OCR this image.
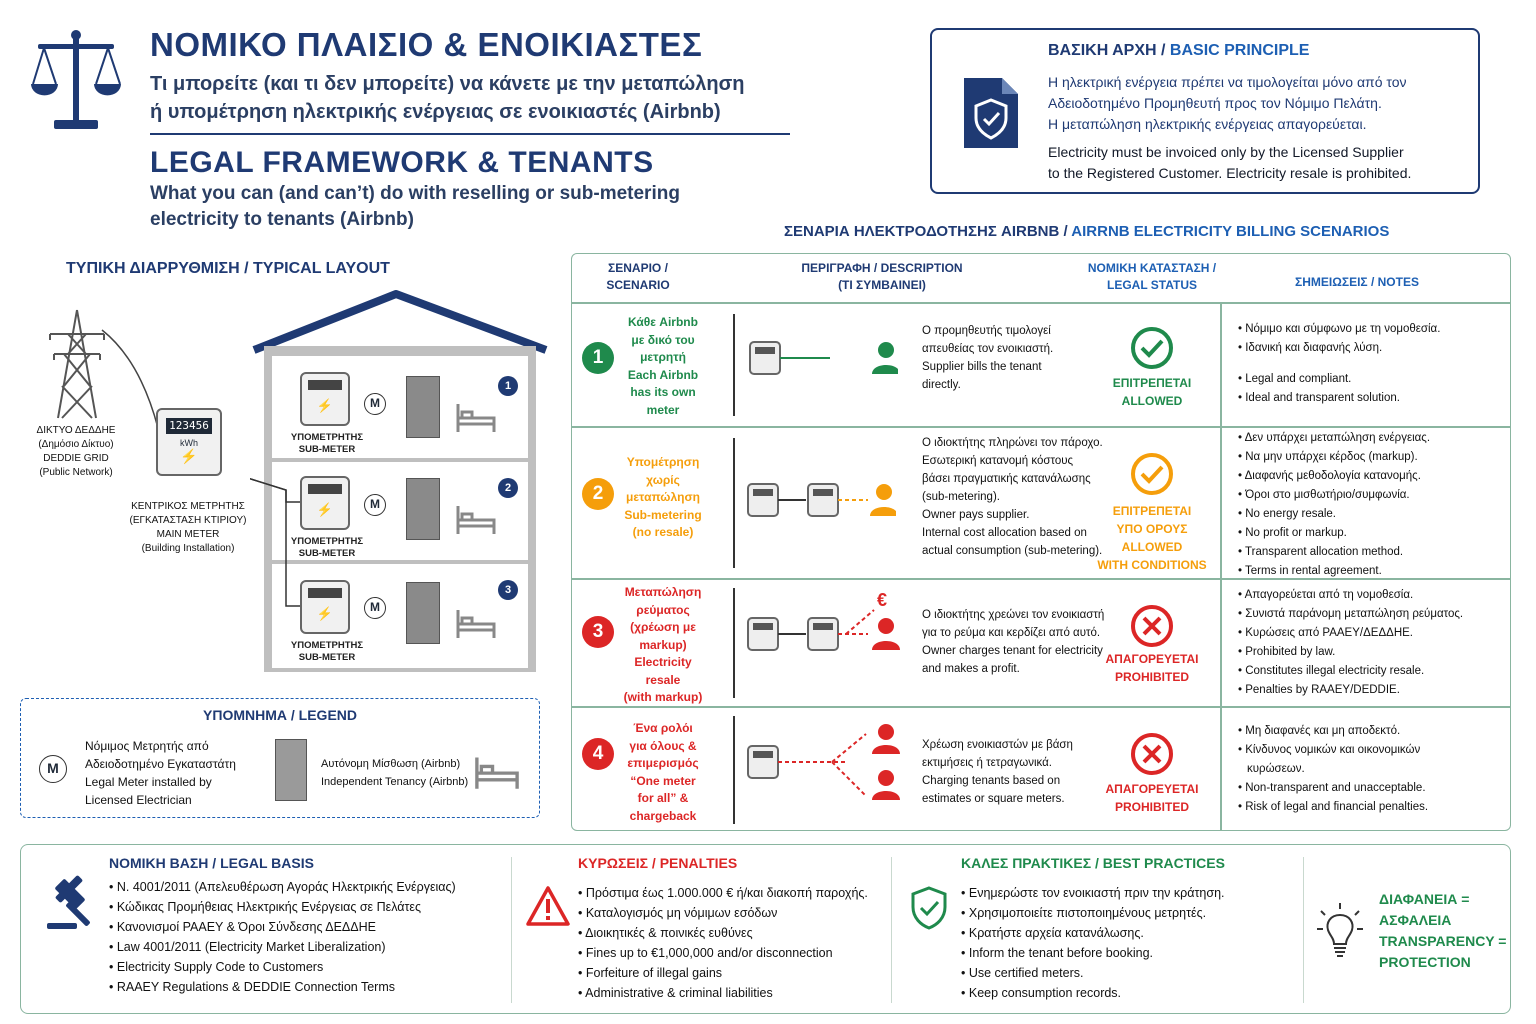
ΝΟΜΙΚΟ ΠΛΑΙΣΙΟ & ΕΝΟΙΚΙΑΣΤΕΣ
Τι μπορείτε (και τι δεν μπορείτε) να κάνετε με την μεταπώληση
ή υπομέτρηση ηλεκτρικής ενέργειας σε ενοικιαστές (Airbnb)
LEGAL FRAMEWORK & TENANTS
What you can (and can’t) do with reselling or sub-metering
electricity to tenants (Airbnb)
ΒΑΣΙΚΗ ΑΡΧΗ / BASIC PRINCIPLE
Η ηλεκτρική ενέργεια πρέπει να τιμολογείται μόνο από τον
Αδειοδοτημένο Προμηθευτή προς τον Νόμιμο Πελάτη.
Η μεταπώληση ηλεκτρικής ενέργειας απαγορεύεται.
Electricity must be invoiced only by the Licensed Supplier
to the Registered Customer. Electricity resale is prohibited.
ΤΥΠΙΚΗ ΔΙΑΡΡΥΘΜΙΣΗ / TYPICAL LAYOUT
ΔΙΚΤΥΟ ΔΕΔΔΗΕ
(Δημόσιο Δίκτυο)
DEDDIE GRID
(Public Network)
123456
kWh
⚡
ΚΕΝΤΡΙΚΟΣ ΜΕΤΡΗΤΗΣ
(ΕΓΚΑΤΑΣΤΑΣΗ ΚΤΙΡΙΟΥ)
MAIN METER
(Building Installation)
⚡
ΥΠΟΜΕΤΡΗΤΗΣ
SUB-METER
⚡
ΥΠΟΜΕΤΡΗΤΗΣ
SUB-METER
⚡
ΥΠΟΜΕΤΡΗΤΗΣ
SUB-METER
M
M
M
1
2
3
ΥΠΟΜΝΗΜΑ / LEGEND
M
Νόμιμος Μετρητής από
Αδειοδοτημένο Εγκαταστάτη
Legal Meter installed by
Licensed Electrician
Αυτόνομη Μίσθωση (Airbnb)
Independent Tenancy (Airbnb)
ΣΕΝΑΡΙΑ ΗΛΕΚΤΡΟΔΟΤΗΣΗΣ AIRBNB / AIRRNB ELECTRICITY BILLING SCENARIOS
ΣΕΝΑΡΙΟ /
SCENARIO
ΠΕΡΙΓΡΑΦΗ / DESCRIPTION
(ΤΙ ΣΥΜΒΑΙΝΕΙ)
ΝΟΜΙΚΗ ΚΑΤΑΣΤΑΣΗ /
LEGAL STATUS	ΣΗΜΕΙΩΣΕΙΣ / NOTES
1
Κάθε Airbnb
με δικό του
μετρητή
Each Airbnb
has its own
meter
Ο προμηθευτής τιμολογεί
απευθείας τον ενοικιαστή.
Supplier bills the tenant
directly.	ΕΠΙΤΡΕΠΕΤΑΙ
ALLOWED
• Νόμιμο και σύμφωνο με τη νομοθεσία.
• Ιδανική και διαφανής λύση.
• Legal and compliant.
• Ideal and transparent solution.
2
Υπομέτρηση
χωρίς
μεταπώληση
Sub-metering
(no resale)
Ο ιδιοκτήτης πληρώνει τον πάροχο.
Εσωτερική κατανομή κόστους
βάσει πραγματικής κατανάλωσης
(sub-metering).
Owner pays supplier.
Internal cost allocation based on
actual consumption (sub-metering).
ΕΠΙΤΡΕΠΕΤΑΙ
ΥΠΟ ΟΡΟΥΣ
ALLOWED
WITH CONDITIONS
• Δεν υπάρχει μεταπώληση ενέργειας.
• Να μην υπάρχει κέρδος (markup).
• Διαφανής μεθοδολογία κατανομής.
• Όροι στο μισθωτήριο/συμφωνία.
• No energy resale.
• No profit or markup.
• Transparent allocation method.
• Terms in rental agreement.
3
Μεταπώληση
ρεύματος
(χρέωση με
markup)
Electricity
resale
(with markup)
€
Ο ιδιοκτήτης χρεώνει τον ενοικιαστή
για το ρεύμα και κερδίζει από αυτό.
Owner charges tenant for electricity
and makes a profit.
ΑΠΑΓΟΡΕΥΕΤΑΙ
PROHIBITED
• Απαγορεύεται από τη νομοθεσία.
• Συνιστά παράνομη μεταπώληση ρεύματος.
• Κυρώσεις από ΡΑΑΕΥ/ΔΕΔΔΗΕ.
• Prohibited by law.
• Constitutes illegal electricity resale.
• Penalties by RAAEY/DEDDIE.
4
Ένα ρολόι
για όλους &
επιμερισμός
“One meter
for all” &
chargeback
Χρέωση ενοικιαστών με βάση
εκτιμήσεις ή τετραγωνικά.
Charging tenants based on
estimates or square meters.
ΑΠΑΓΟΡΕΥΕΤΑΙ
PROHIBITED
• Μη διαφανές και μη αποδεκτό.
• Κίνδυνος νομικών και οικονομικών
κυρώσεων.
• Non-transparent and unacceptable.
• Risk of legal and financial penalties.
ΝΟΜΙΚΗ ΒΑΣΗ / LEGAL BASIS
• Ν. 4001/2011 (Απελευθέρωση Αγοράς Ηλεκτρικής Ενέργειας)
• Κώδικας Προμήθειας Ηλεκτρικής Ενέργειας σε Πελάτες
• Κανονισμοί ΡΑΑΕΥ & Όροι Σύνδεσης ΔΕΔΔΗΕ
• Law 4001/2011 (Electricity Market Liberalization)
• Electricity Supply Code to Customers
• RAAEY Regulations & DEDDIE Connection Terms
ΚΥΡΩΣΕΙΣ / PENALTIES
• Πρόστιμα έως 1.000.000 € ή/και διακοπή παροχής.
• Καταλογισμός μη νόμιμων εσόδων
• Διοικητικές & ποινικές ευθύνες
• Fines up to €1,000,000 and/or disconnection
• Forfeiture of illegal gains
• Administrative & criminal liabilities
ΚΑΛΕΣ ΠΡΑΚΤΙΚΕΣ / BEST PRACTICES
• Ενημερώστε τον ενοικιαστή πριν την κράτηση.
• Χρησιμοποιείτε πιστοποιημένους μετρητές.
• Κρατήστε αρχεία κατανάλωσης.
• Inform the tenant before booking.
• Use certified meters.
• Keep consumption records.
ΔΙΑΦΑΝΕΙΑ =
ΑΣΦΑΛΕΙΑ
TRANSPARENCY =
PROTECTION
